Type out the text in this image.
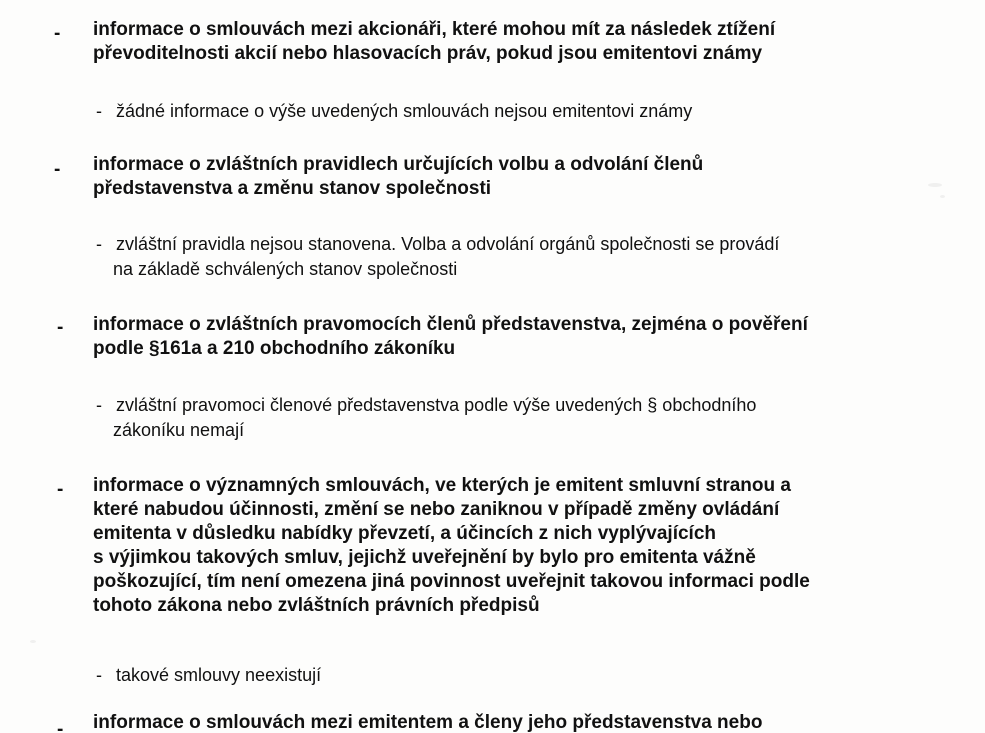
- informace o smlouvách mezi akcionáři, které mohou mít za následek ztížení
převoditelnosti akcií nebo hlasovacích práv, pokud jsou emitentovi známy

- žádné informace o výše uvedených smlouvách nejsou emitentovi známy

- informace o zvláštních pravidlech určujících volbu a odvolání členů
představenstva a změnu stanov společnosti

- zvláštní pravidla nejsou stanovena. Volba a odvolání orgánů společnosti se provádí
na základě schválených stanov společnosti

- informace o zvláštních pravomocích členů představenstva, zejména o pověření
podle §161a a 210 obchodního zákoníku

- zvláštní pravomoci členové představenstva podle výše uvedených § obchodního
zákoníku nemají

- informace o významných smlouvách, ve kterých je emitent smluvní stranou a
které nabudou účinnosti, změní se nebo zaniknou v případě změny ovládání
emitenta v důsledku nabídky převzetí, a účincích z nich vyplývajících
s výjimkou takových smluv, jejichž uveřejnění by bylo pro emitenta vážně
poškozující, tím není omezena jiná povinnost uveřejnit takovou informaci podle
tohoto zákona nebo zvláštních právních předpisů

- takové smlouvy neexistují

- informace o smlouvách mezi emitentem a členy jeho představenstva nebo
